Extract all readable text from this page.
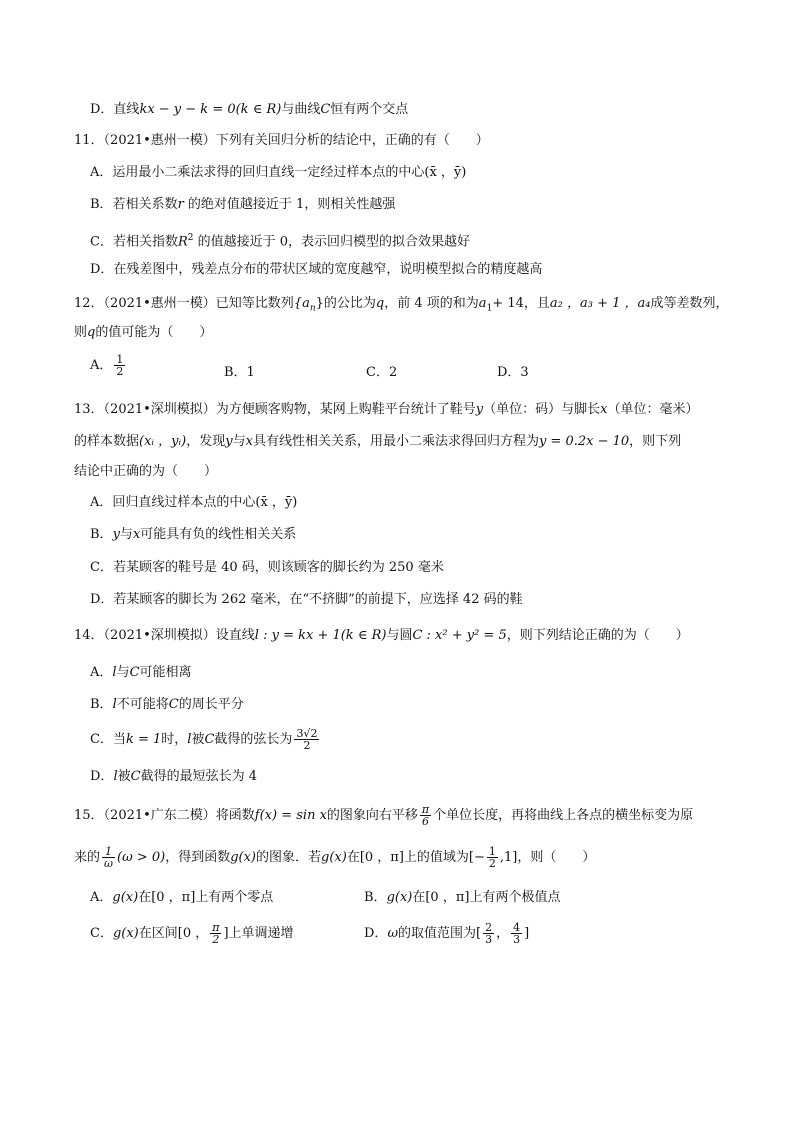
D．直线kx − y − k = 0(k ∈ R)与曲线C恒有两个交点
11．（2021•惠州一模）下列有关回归分析的结论中，正确的有（　　）
A．运用最小二乘法求得的回归直线一定经过样本点的中心(x̄ ，ȳ)
B．若相关系数r 的绝对值越接近于 1，则相关性越强
C．若相关指数$R^2$ 的值越接近于 0，表示回归模型的拟合效果越好
D．在残差图中，残差点分布的带状区域的宽度越窄，说明模型拟合的精度越高
12．（2021•惠州一模）已知等比数列$\{a_n\}$的公比为q，前 4 项的和为$a_1+ 14$，且a₂ ，a₃ + 1 ，a₄成等差数列，
则q的值可能为（　　）
A． $\frac{1}{2}$	B．1	C．2	D．3
13．（2021•深圳模拟）为方便顾客购物，某网上购鞋平台统计了鞋号y（单位：码）与脚长x（单位：毫米）
的样本数据(xᵢ ，yᵢ)，发现y与x具有线性相关关系，用最小二乘法求得回归方程为y = 0.2x − 10，则下列
结论中正确的为（　　）
A．回归直线过样本点的中心(x̄ ，ȳ)
B．y与x可能具有负的线性相关关系
C．若某顾客的鞋号是 40 码，则该顾客的脚长约为 250 毫米
D．若某顾客的脚长为 262 毫米，在“不挤脚”的前提下，应选择 42 码的鞋
14．（2021•深圳模拟）设直线l : y = kx + 1(k ∈ R)与圆C : x² + y² = 5，则下列结论正确的为（　　）
A．l与C可能相离
B．l不可能将C的周长平分
C．当k = 1时，l被C截得的弦长为 $\frac{3√2}{2}$
D．l被C截得的最短弦长为 4
15．（2021•广东二模）将函数f(x) = sin x的图象向右平移 $\frac{\pi}{6}$ 个单位长度，再将曲线上各点的横坐标变为原
来的 $\frac{1}{\omega} (\omega > 0)$，得到函数g(x)的图象．若g(x)在[0 ，π]上的值域为[− $\frac{1}{2} ,1$]，则（　　）
A．g(x)在[0 ，π]上有两个零点	B．g(x)在[0 ，π]上有两个极值点
C．g(x)在区间[0 ， $\frac{\pi}{2}$ ]上单调递增	D．ω的取值范围为[ $\frac{2}{3}$ ， $\frac{4}{3}$ ]
